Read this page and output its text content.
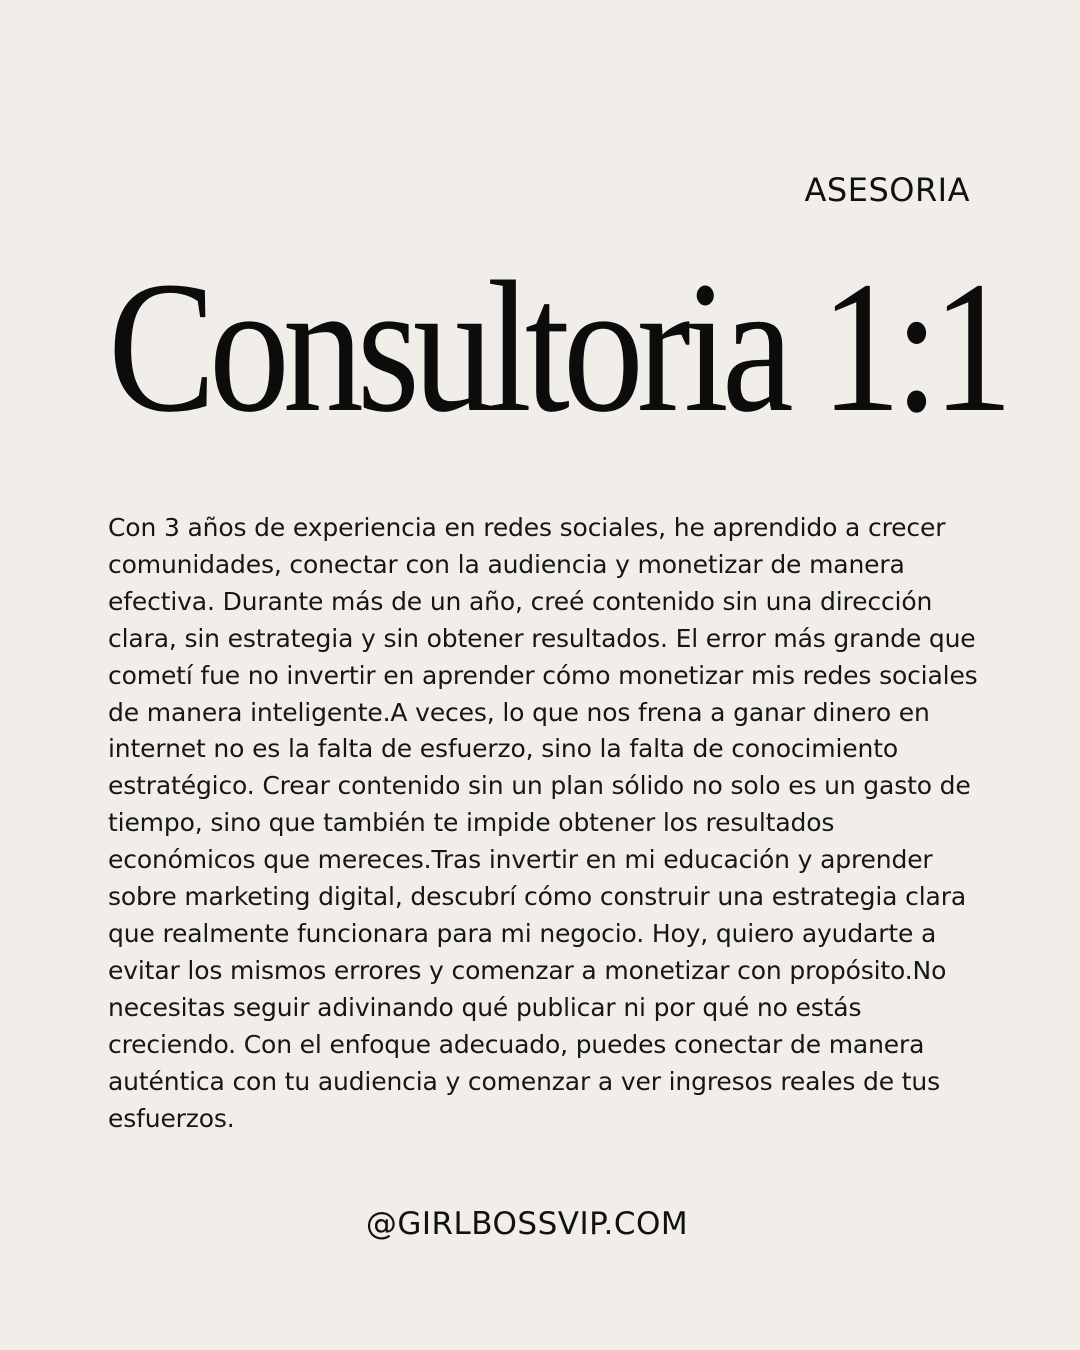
ASESORIA
Consultoria 1:1

Con 3 años de experiencia en redes sociales, he aprendido a crecer comunidades, conectar con la audiencia y monetizar de manera efectiva. Durante más de un año, creé contenido sin una dirección clara, sin estrategia y sin obtener resultados. El error más grande que cometí fue no invertir en aprender cómo monetizar mis redes sociales de manera inteligente.A veces, lo que nos frena a ganar dinero en internet no es la falta de esfuerzo, sino la falta de conocimiento estratégico. Crear contenido sin un plan sólido no solo es un gasto de tiempo, sino que también te impide obtener los resultados económicos que mereces.Tras invertir en mi educación y aprender sobre marketing digital, descubrí cómo construir una estrategia clara que realmente funcionara para mi negocio. Hoy, quiero ayudarte a evitar los mismos errores y comenzar a monetizar con propósito.No necesitas seguir adivinando qué publicar ni por qué no estás creciendo. Con el enfoque adecuado, puedes conectar de manera auténtica con tu audiencia y comenzar a ver ingresos reales de tus esfuerzos.

@GIRLBOSSVIP.COM
